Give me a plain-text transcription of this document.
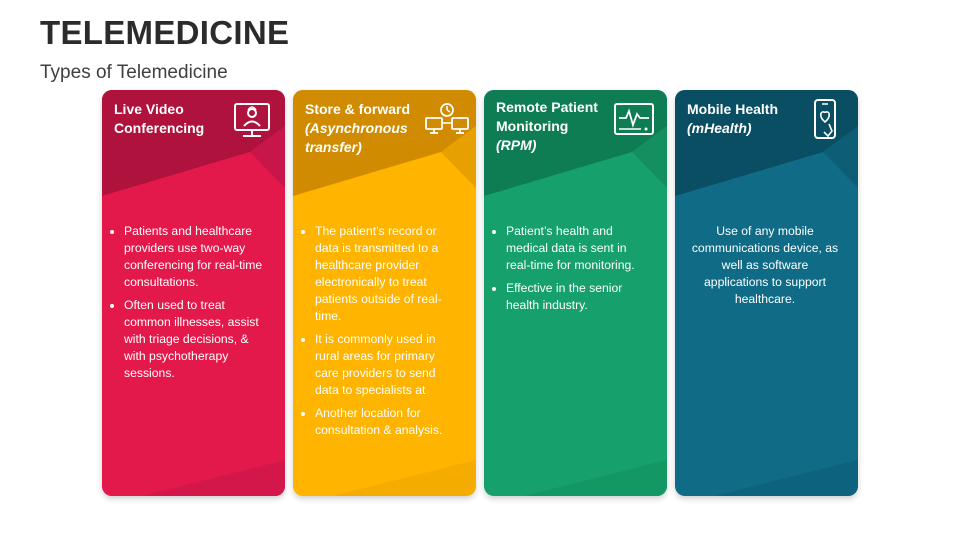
TELEMEDICINE
Types of Telemedicine
Live Video Conferencing
• Patients and healthcare providers use two-way conferencing for real-time consultations.
• Often used to treat common illnesses, assist with triage decisions, & with psychotherapy sessions.
Store & forward
(Asynchronous transfer)
• The patient’s record or data is transmitted to a healthcare provider electronically to treat patients outside of real-time.
• It is commonly used in rural areas for primary care providers to send data to specialists at
• Another location for consultation & analysis.
Remote Patient Monitoring
(RPM)
• Patient’s health and medical data is sent in real-time for monitoring.
• Effective in the senior health industry.
Mobile Health
(mHealth)

Use of any mobile communications device, as well as software applications to support healthcare.
